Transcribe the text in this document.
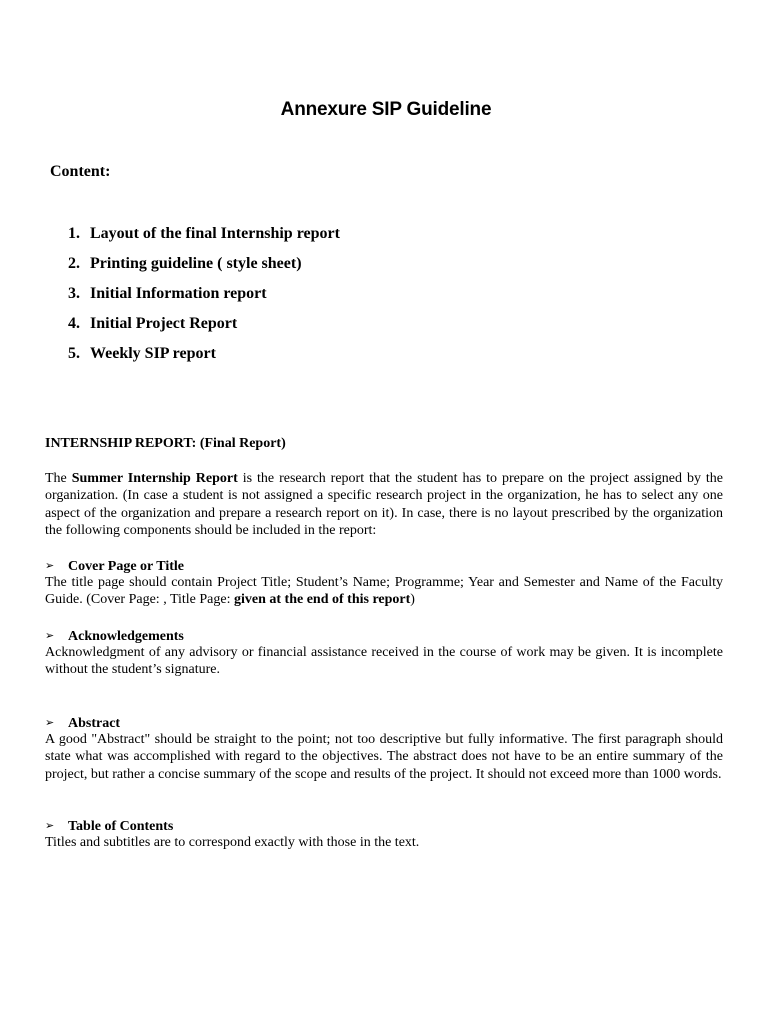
Annexure SIP Guideline
Content:
1. Layout of the final Internship report
2. Printing guideline ( style sheet)
3. Initial Information report
4. Initial Project Report
5. Weekly SIP report
INTERNSHIP REPORT: (Final Report)

The Summer Internship Report is the research report that the student has to prepare on the project assigned by the organization. (In case a student is not assigned a specific research project in the organization, he has to select any one aspect of the organization and prepare a research report on it). In case, there is no layout prescribed by the organization the following components should be included in the report:

➢ Cover Page or Title

The title page should contain Project Title; Student’s Name; Programme; Year and Semester and Name of the Faculty Guide. (Cover Page: , Title Page: given at the end of this report)

➢ Acknowledgements

Acknowledgment of any advisory or financial assistance received in the course of work may be given. It is incomplete without the student’s signature.

➢ Abstract

A good "Abstract" should be straight to the point; not too descriptive but fully informative. The first paragraph should state what was accomplished with regard to the objectives. The abstract does not have to be an entire summary of the project, but rather a concise summary of the scope and results of the project. It should not exceed more than 1000 words.

➢ Table of Contents

Titles and subtitles are to correspond exactly with those in the text.
